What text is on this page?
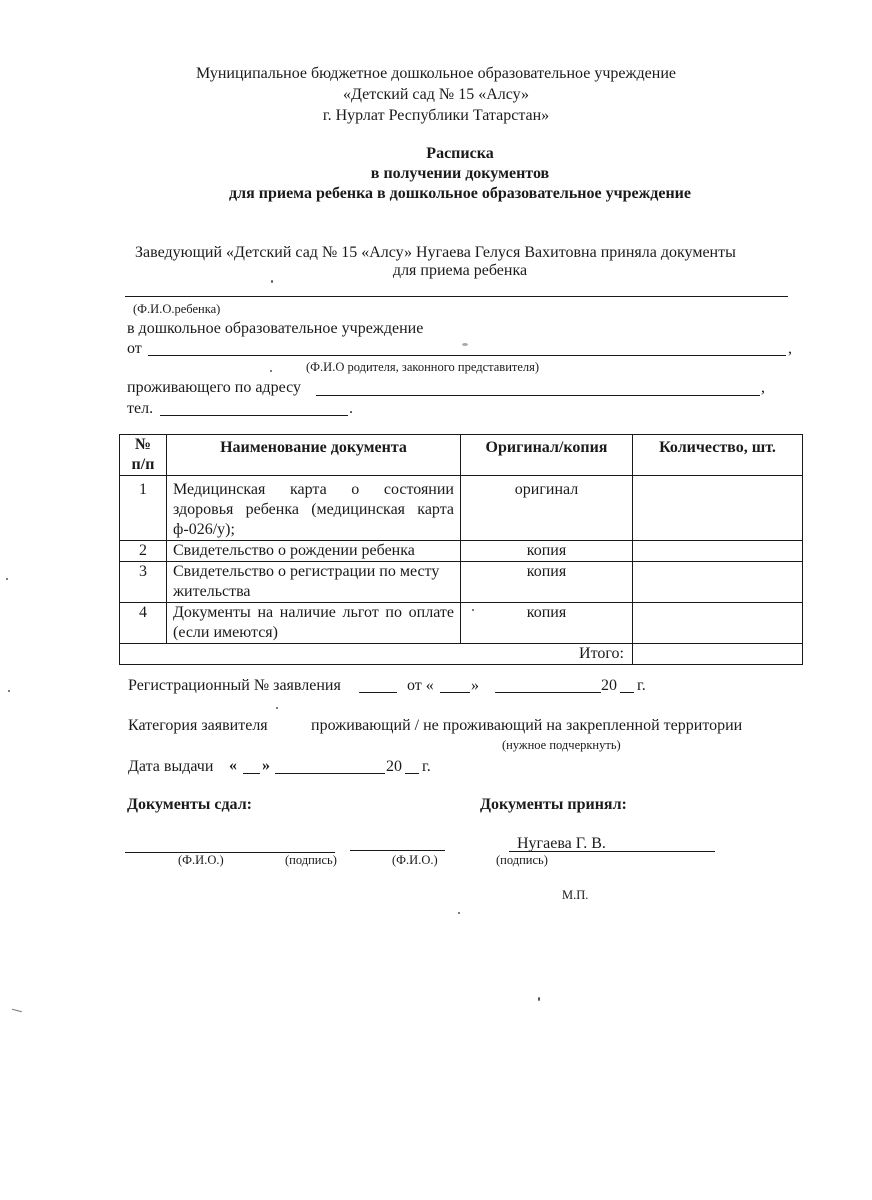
Муниципальное бюджетное дошкольное образовательное учреждение
«Детский сад № 15 «Алсу»
г. Нурлат Республики Татарстан»
Расписка
в получении документов
для приема ребенка в дошкольное образовательное учреждение
Заведующий «Детский сад № 15 «Алсу» Нугаева Гелуся Вахитовна приняла документы
для приема ребенка
(Ф.И.О.ребенка)
в дошкольное образовательное учреждение
от	,
(Ф.И.О родителя, законного представителя)
проживающего по адресу	,
тел.	.
№
п/п	Наименование документа	Оригинал/копия	Количество, шт.
1	Медицинская карта о состоянии здоровья ребенка (медицинская карта ф-026/у);	оригинал	
2	Свидетельство о рождении ребенка	копия	
3	Свидетельство о регистрации по месту жительства	копия	
4	Документы на наличие льгот по оплате (если имеются)	копия	
Итого:			
Регистрационный № заявления	от « »	20 г.
Категория заявителя	проживающий / не проживающий на закрепленной территории
(нужное подчеркнуть)
Дата выдачи « »	20 г.
Документы сдал:	Документы принял:
Нугаева Г. В.
(Ф.И.О.)	(подпись)	(Ф.И.О.)	(подпись)
М.П.
